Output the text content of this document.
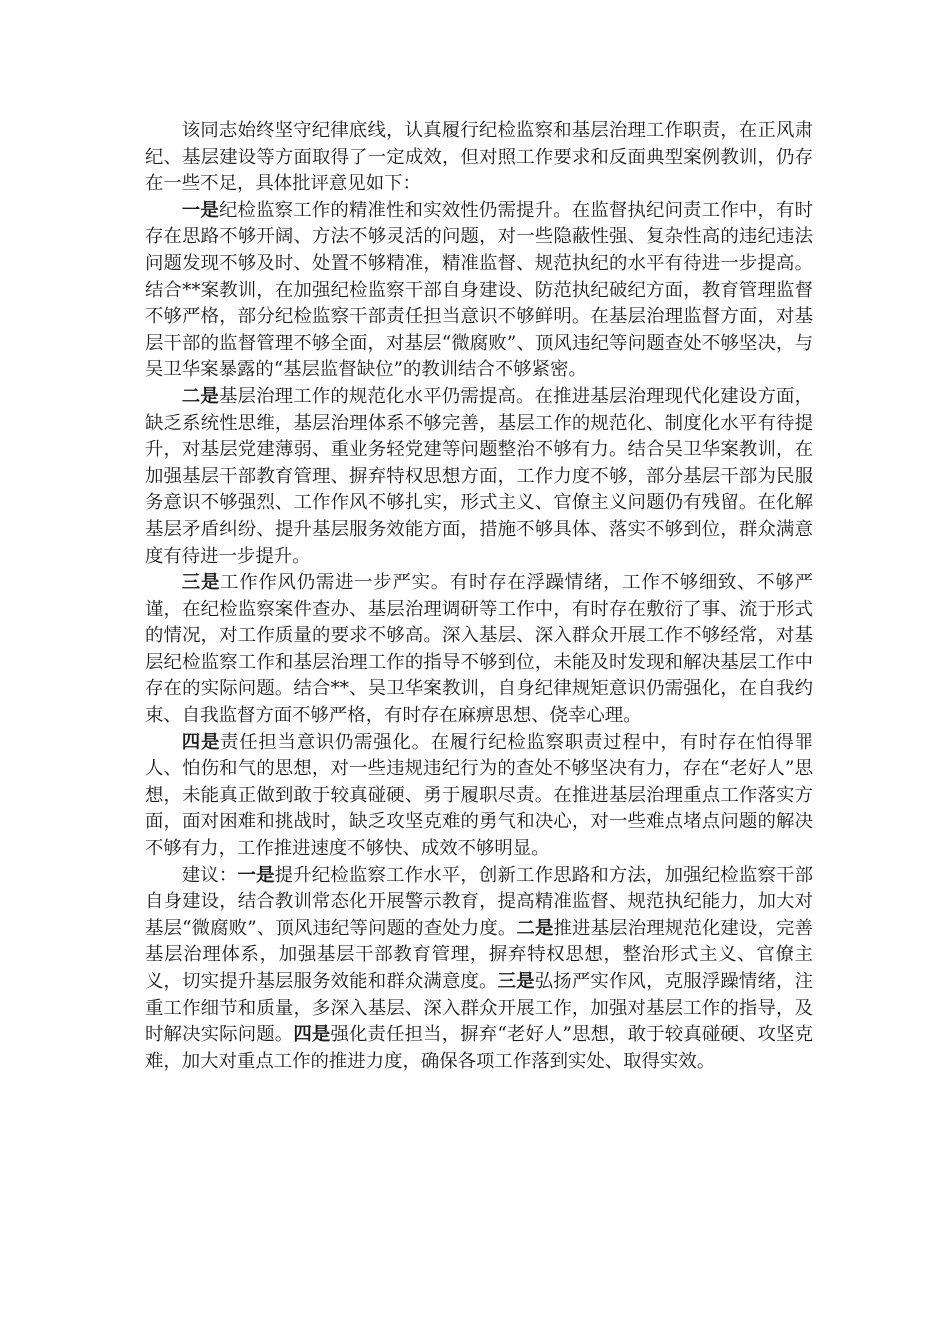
该同志始终坚守纪律底线，认真履行纪检监察和基层治理工作职责，在正风肃纪、基层建设等方面取得了一定成效，但对照工作要求和反面典型案例教训，仍存在一些不足，具体批评意见如下：

一是纪检监察工作的精准性和实效性仍需提升。在监督执纪问责工作中，有时存在思路不够开阔、方法不够灵活的问题，对一些隐蔽性强、复杂性高的违纪违法问题发现不够及时、处置不够精准，精准监督、规范执纪的水平有待进一步提高。结合**案教训，在加强纪检监察干部自身建设、防范执纪破纪方面，教育管理监督不够严格，部分纪检监察干部责任担当意识不够鲜明。在基层治理监督方面，对基层干部的监督管理不够全面，对基层“微腐败”、顶风违纪等问题查处不够坚决，与吴卫华案暴露的“基层监督缺位”的教训结合不够紧密。

二是基层治理工作的规范化水平仍需提高。在推进基层治理现代化建设方面，缺乏系统性思维，基层治理体系不够完善，基层工作的规范化、制度化水平有待提升，对基层党建薄弱、重业务轻党建等问题整治不够有力。结合吴卫华案教训，在加强基层干部教育管理、摒弃特权思想方面，工作力度不够，部分基层干部为民服务意识不够强烈、工作作风不够扎实，形式主义、官僚主义问题仍有残留。在化解基层矛盾纠纷、提升基层服务效能方面，措施不够具体、落实不够到位，群众满意度有待进一步提升。

三是工作作风仍需进一步严实。有时存在浮躁情绪，工作不够细致、不够严谨，在纪检监察案件查办、基层治理调研等工作中，有时存在敷衍了事、流于形式的情况，对工作质量的要求不够高。深入基层、深入群众开展工作不够经常，对基层纪检监察工作和基层治理工作的指导不够到位，未能及时发现和解决基层工作中存在的实际问题。结合**、吴卫华案教训，自身纪律规矩意识仍需强化，在自我约束、自我监督方面不够严格，有时存在麻痹思想、侥幸心理。

四是责任担当意识仍需强化。在履行纪检监察职责过程中，有时存在怕得罪人、怕伤和气的思想，对一些违规违纪行为的查处不够坚决有力，存在“老好人”思想，未能真正做到敢于较真碰硬、勇于履职尽责。在推进基层治理重点工作落实方面，面对困难和挑战时，缺乏攻坚克难的勇气和决心，对一些难点堵点问题的解决不够有力，工作推进速度不够快、成效不够明显。

建议：一是提升纪检监察工作水平，创新工作思路和方法，加强纪检监察干部自身建设，结合教训常态化开展警示教育，提高精准监督、规范执纪能力，加大对基层“微腐败”、顶风违纪等问题的查处力度。二是推进基层治理规范化建设，完善基层治理体系，加强基层干部教育管理，摒弃特权思想，整治形式主义、官僚主义，切实提升基层服务效能和群众满意度。三是弘扬严实作风，克服浮躁情绪，注重工作细节和质量，多深入基层、深入群众开展工作，加强对基层工作的指导，及时解决实际问题。四是强化责任担当，摒弃“老好人”思想，敢于较真碰硬、攻坚克难，加大对重点工作的推进力度，确保各项工作落到实处、取得实效。
